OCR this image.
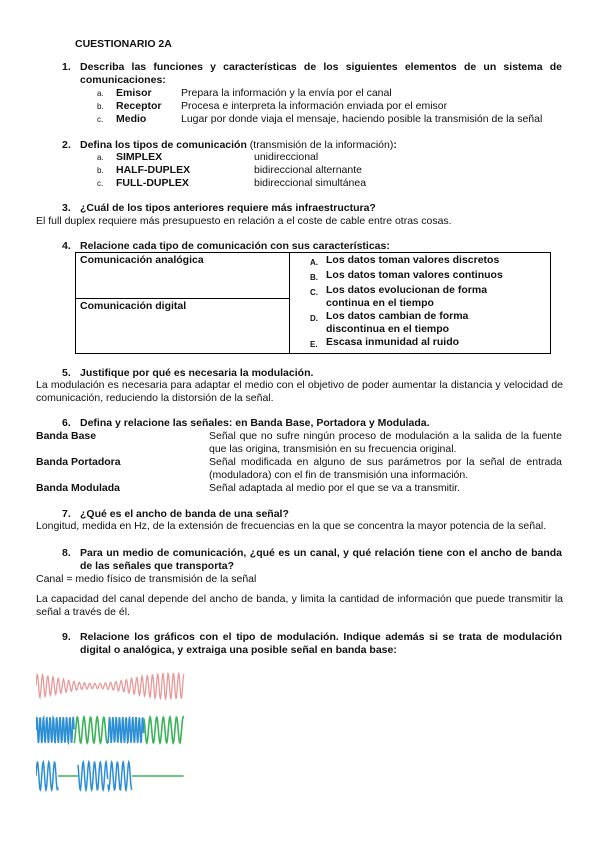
CUESTIONARIO 2A
1. Describa las funciones y características de los siguientes elementos de un sistema de
comunicaciones:
a. Emisor	Prepara la información y la envía por el canal
b. Receptor Procesa e interpreta la información enviada por el emisor
c. Medio	Lugar por donde viaja el mensaje, haciendo posible la transmisión de la señal
2. Defina los tipos de comunicación (transmisión de la información):
a. SIMPLEX	unidireccional
b. HALF-DUPLEX	bidireccional alternante
c. FULL-DUPLEX	bidireccional simultánea
3. ¿Cuál de los tipos anteriores requiere más infraestructura?
El full duplex requiere más presupuesto en relación a el coste de cable entre otras cosas.
4. Relacione cada tipo de comunicación con sus características:
Comunicación analógica	A. Los datos toman valores discretos
B. Los datos toman valores continuos
C. Los datos evolucionan de forma continua en el tiempo
D. Los datos cambian de forma discontinua en el tiempo
E. Escasa inmunidad al ruido

Comunicación digital
5. Justifique por qué es necesaria la modulación.
La modulación es necesaria para adaptar el medio con el objetivo de poder aumentar la distancia y velocidad de comunicación, reduciendo la distorsión de la señal.
6. Defina y relacione las señales: en Banda Base, Portadora y Modulada.
Banda Base	Señal que no sufre ningún proceso de modulación a la salida de la fuente que las origina, transmisión en su frecuencia original.
Banda Portadora	Señal modificada en alguno de sus parámetros por la señal de entrada (moduladora) con el fin de transmisión una información.
Banda Modulada	Señal adaptada al medio por el que se va a transmitir.
7. ¿Qué es el ancho de banda de una señal?
Longitud, medida en Hz, de la extensión de frecuencias en la que se concentra la mayor potencia de la señal.
8. Para un medio de comunicación, ¿qué es un canal, y qué relación tiene con el ancho de banda de las señales que transporta?
Canal = medio físico de transmisión de la señal
La capacidad del canal depende del ancho de banda, y limita la cantidad de información que puede transmitir la señal a través de él.
9. Relacione los gráficos con el tipo de modulación. Indique además si se trata de modulación digital o analógica, y extraiga una posible señal en banda base:
